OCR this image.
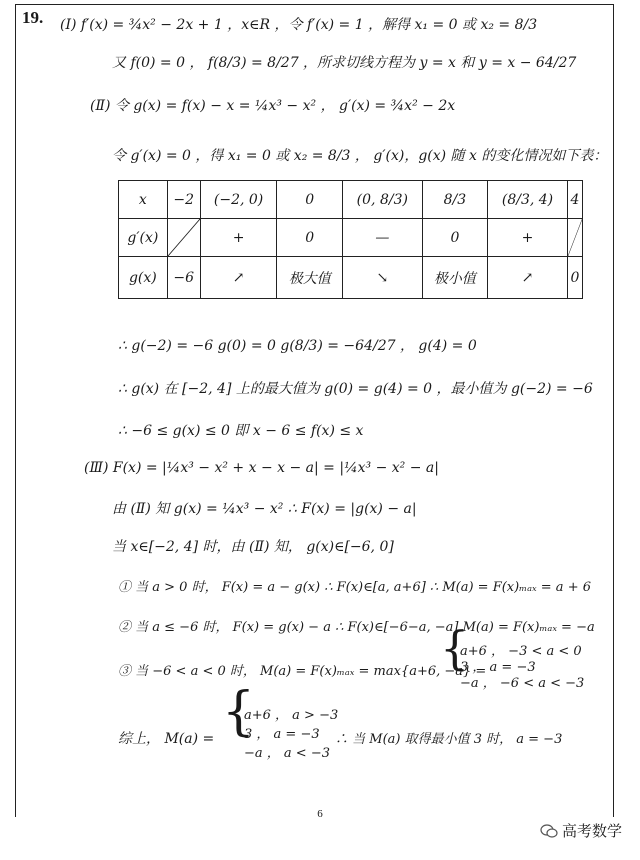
19. (Ⅰ) f′(x) = ¾x² − 2x + 1 ，x∈R ，令 f′(x) = 1 ，解得 x₁ = 0 或 x₂ = 8/3
又 f(0) = 0 ， f(8/3) = 8/27 ，所求切线方程为 y = x 和 y = x − 64/27
(Ⅱ) 令 g(x) = f(x) − x = ¼x³ − x² ， g′(x) = ¾x² − 2x
令 g′(x) = 0 ，得 x₁ = 0 或 x₂ = 8/3 ， g′(x)，g(x) 随 x 的变化情况如下表：
x	−2	(−2, 0)	0	(0, 8/3)	8/3	(8/3, 4)	4
g′(x)		+	0	—	0	+	

g(x)	−6	↗	极大值	↘	极小值	↗	0
∴ g(−2) = −6 g(0) = 0 g(8/3) = −64/27 ， g(4) = 0
∴ g(x) 在 [−2, 4] 上的最大值为 g(0) = g(4) = 0 ，最小值为 g(−2) = −6
∴ −6 ≤ g(x) ≤ 0 即 x − 6 ≤ f(x) ≤ x
(Ⅲ) F(x) = |¼x³ − x² + x − x − a| = |¼x³ − x² − a|
由 (Ⅱ) 知 g(x) = ¼x³ − x² ∴ F(x) = |g(x) − a|
当 x∈[−2, 4] 时，由 (Ⅱ) 知， g(x)∈[−6, 0]
① 当 a > 0 时， F(x) = a − g(x) ∴ F(x)∈[a, a+6] ∴ M(a) = F(x)ₘₐₓ = a + 6
② 当 a ≤ −6 时， F(x) = g(x) − a ∴ F(x)∈[−6−a, −a] M(a) = F(x)ₘₐₓ = −a
③ 当 −6 < a < 0 时， M(a) = F(x)ₘₐₓ = max{a+6, −a} =
{
a+6 ， −3 < a < 0
3 ， a = −3
−a ， −6 < a < −3
综上， M(a) = {
a+6 ， a > −3
3 ， a = −3
−a ， a < −3
∴ 当 M(a) 取得最小值 3 时， a = −3
6
高考数学
